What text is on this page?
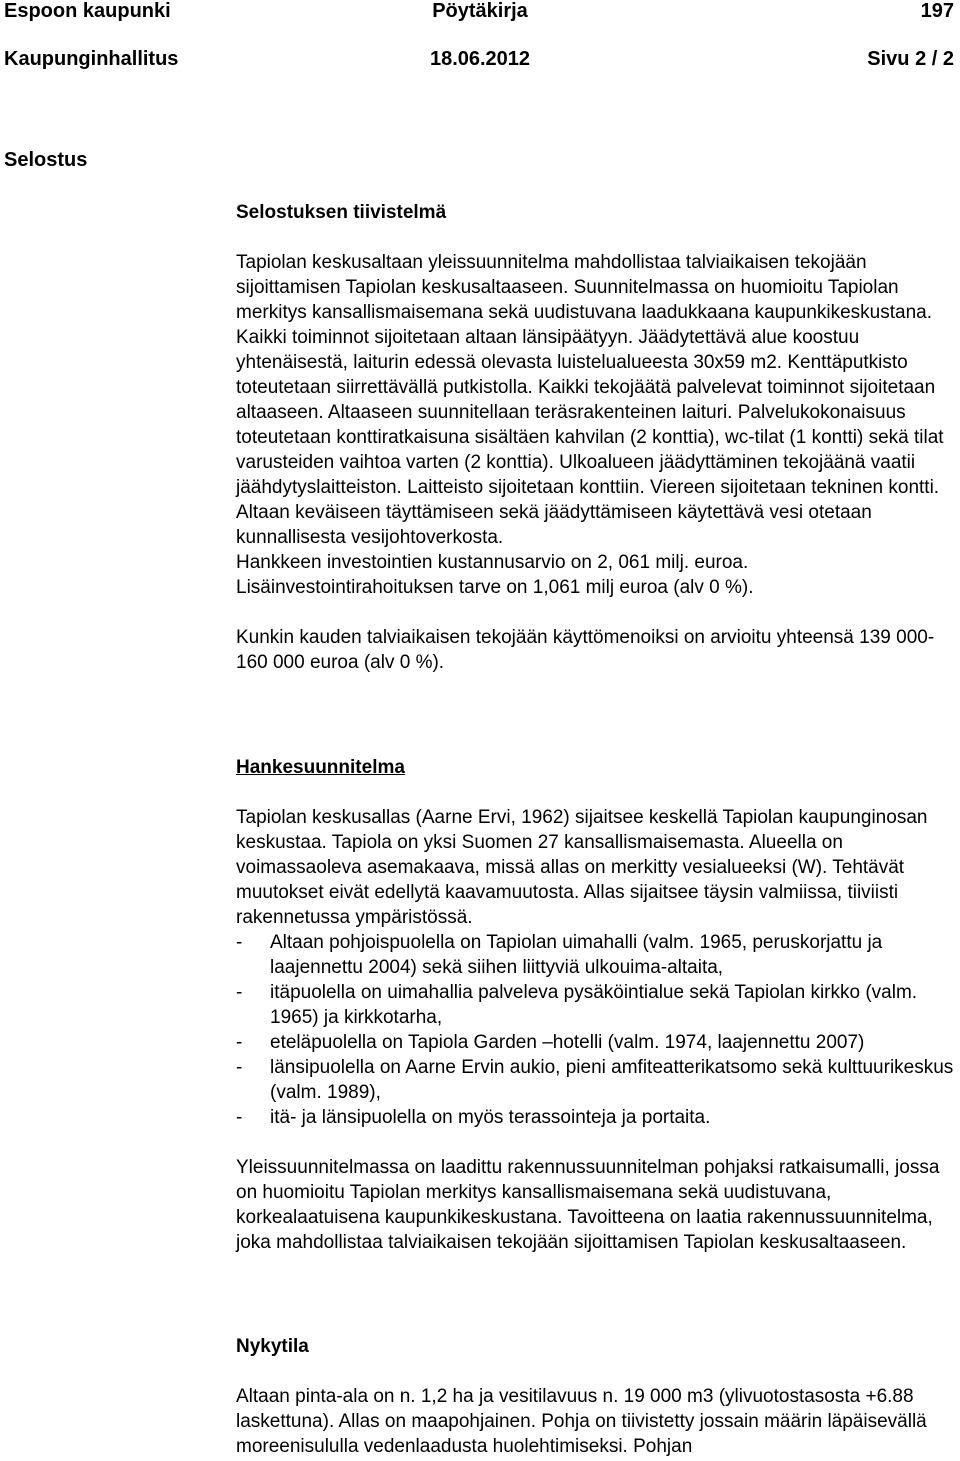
Espoon kaupunki	Pöytäkirja	197
Kaupunginhallitus	18.06.2012	Sivu 2 / 2
Selostus
Selostuksen tiivistelmä

Tapiolan keskusaltaan yleissuunnitelma mahdollistaa talviaikaisen tekojään sijoittamisen Tapiolan keskusaltaaseen. Suunnitelmassa on huomioitu Tapiolan merkitys kansallismaisemana sekä uudistuvana laadukkaana kaupunkikeskustana. Kaikki toiminnot sijoitetaan altaan länsipäätyyn. Jäädytettävä alue koostuu yhtenäisestä, laiturin edessä olevasta luistelualueesta 30x59 m2. Kenttäputkisto toteutetaan siirrettävällä putkistolla. Kaikki tekojäätä palvelevat toiminnot sijoitetaan altaaseen. Altaaseen suunnitellaan teräsrakenteinen laituri. Palvelukokonaisuus toteutetaan konttiratkaisuna sisältäen kahvilan (2 konttia), wc-tilat (1 kontti) sekä tilat varusteiden vaihtoa varten (2 konttia). Ulkoalueen jäädyttäminen tekojäänä vaatii jäähdytyslaitteiston. Laitteisto sijoitetaan konttiin. Viereen sijoitetaan tekninen kontti. Altaan keväiseen täyttämiseen sekä jäädyttämiseen käytettävä vesi otetaan kunnallisesta vesijohtoverkosta.

Hankkeen investointien kustannusarvio on 2, 061 milj. euroa.

Lisäinvestointirahoituksen tarve on 1,061 milj euroa (alv 0 %).

Kunkin kauden talviaikaisen tekojään käyttömenoiksi on arvioitu yhteensä 139 000-160 000 euroa (alv 0 %).

Hankesuunnitelma

Tapiolan keskusallas (Aarne Ervi, 1962) sijaitsee keskellä Tapiolan kaupunginosan keskustaa. Tapiola on yksi Suomen 27 kansallismaisemasta. Alueella on voimassaoleva asemakaava, missä allas on merkitty vesialueeksi (W). Tehtävät muutokset eivät edellytä kaavamuutosta. Allas sijaitsee täysin valmiissa, tiiviisti rakennetussa ympäristössä.

-	Altaan pohjoispuolella on Tapiolan uimahalli (valm. 1965, peruskorjattu ja laajennettu 2004) sekä siihen liittyviä ulkouima-altaita,
-	itäpuolella on uimahallia palveleva pysäköintialue sekä Tapiolan kirkko (valm. 1965) ja kirkkotarha,
-	eteläpuolella on Tapiola Garden –hotelli (valm. 1974, laajennettu 2007)
-	länsipuolella on Aarne Ervin aukio, pieni amfiteatterikatsomo sekä kulttuurikeskus (valm. 1989),
-	itä- ja länsipuolella on myös terassointeja ja portaita.

Yleissuunnitelmassa on laadittu rakennussuunnitelman pohjaksi ratkaisumalli, jossa on huomioitu Tapiolan merkitys kansallismaisemana sekä uudistuvana, korkealaatuisena kaupunkikeskustana. Tavoitteena on laatia rakennussuunnitelma, joka mahdollistaa talviaikaisen tekojään sijoittamisen Tapiolan keskusaltaaseen.

Nykytila

Altaan pinta-ala on n. 1,2 ha ja vesitilavuus n. 19 000 m3 (ylivuotostasosta +6.88 laskettuna). Allas on maapohjainen. Pohja on tiivistetty jossain määrin läpäisevällä moreenisululla vedenlaadusta huolehtimiseksi. Pohjan
